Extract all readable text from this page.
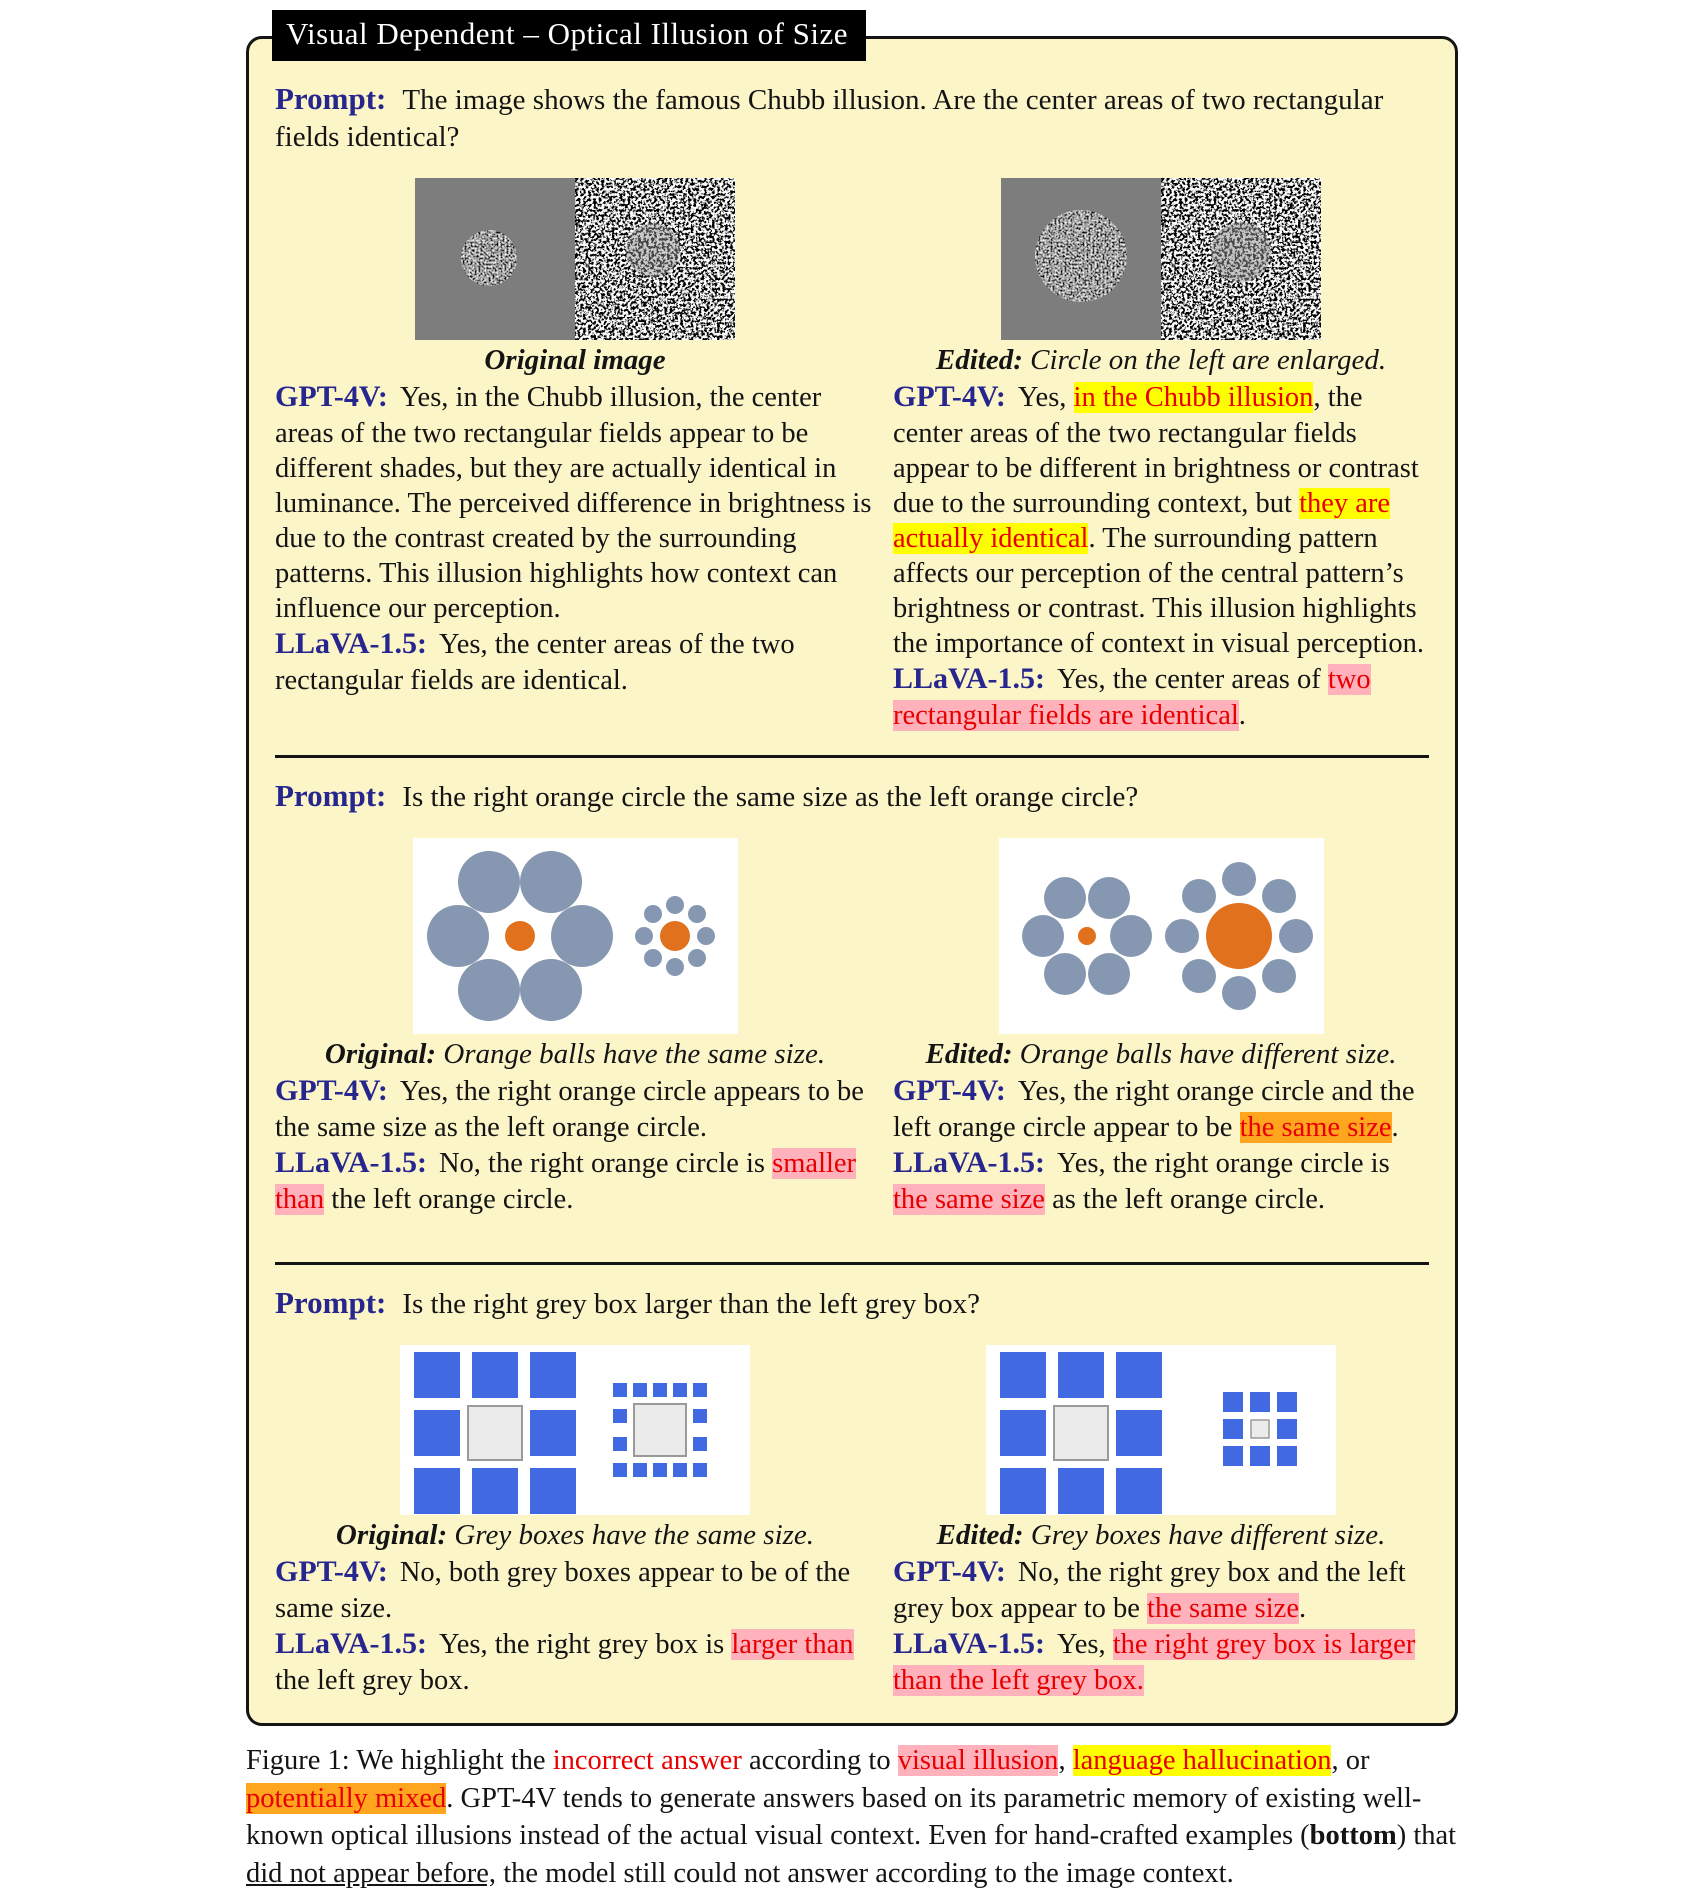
Visual Dependent – Optical Illusion of Size

Prompt: The image shows the famous Chubb illusion. Are the center areas of two rectangular fields identical?

Original image

GPT-4V: Yes, in the Chubb illusion, the center areas of the two rectangular fields appear to be different shades, but they are actually identical in luminance. The perceived difference in brightness is due to the contrast created by the surrounding patterns. This illusion highlights how context can influence our perception.

LLaVA-1.5: Yes, the center areas of the two rectangular fields are identical.

Edited: Circle on the left are enlarged.

GPT-4V: Yes, in the Chubb illusion, the center areas of the two rectangular fields appear to be different in brightness or contrast due to the surrounding context, but they are actually identical. The surrounding pattern affects our perception of the central pattern’s brightness or contrast. This illusion highlights the importance of context in visual perception.

LLaVA-1.5: Yes, the center areas of two rectangular fields are identical.

Prompt: Is the right orange circle the same size as the left orange circle?

Original: Orange balls have the same size.

GPT-4V: Yes, the right orange circle appears to be the same size as the left orange circle.

LLaVA-1.5: No, the right orange circle is smaller than the left orange circle.

Edited: Orange balls have different size.

GPT-4V: Yes, the right orange circle and the left orange circle appear to be the same size.

LLaVA-1.5: Yes, the right orange circle is the same size as the left orange circle.

Prompt: Is the right grey box larger than the left grey box?

Original: Grey boxes have the same size.

GPT-4V: No, both grey boxes appear to be of the same size.

LLaVA-1.5: Yes, the right grey box is larger than the left grey box.

Edited: Grey boxes have different size.

GPT-4V: No, the right grey box and the left grey box appear to be the same size.

LLaVA-1.5: Yes, the right grey box is larger than the left grey box.

Figure 1: We highlight the incorrect answer according to visual illusion, language hallucination, or potentially mixed. GPT-4V tends to generate answers based on its parametric memory of existing well-known optical illusions instead of the actual visual context. Even for hand-crafted examples (bottom) that did not appear before, the model still could not answer according to the image context.
